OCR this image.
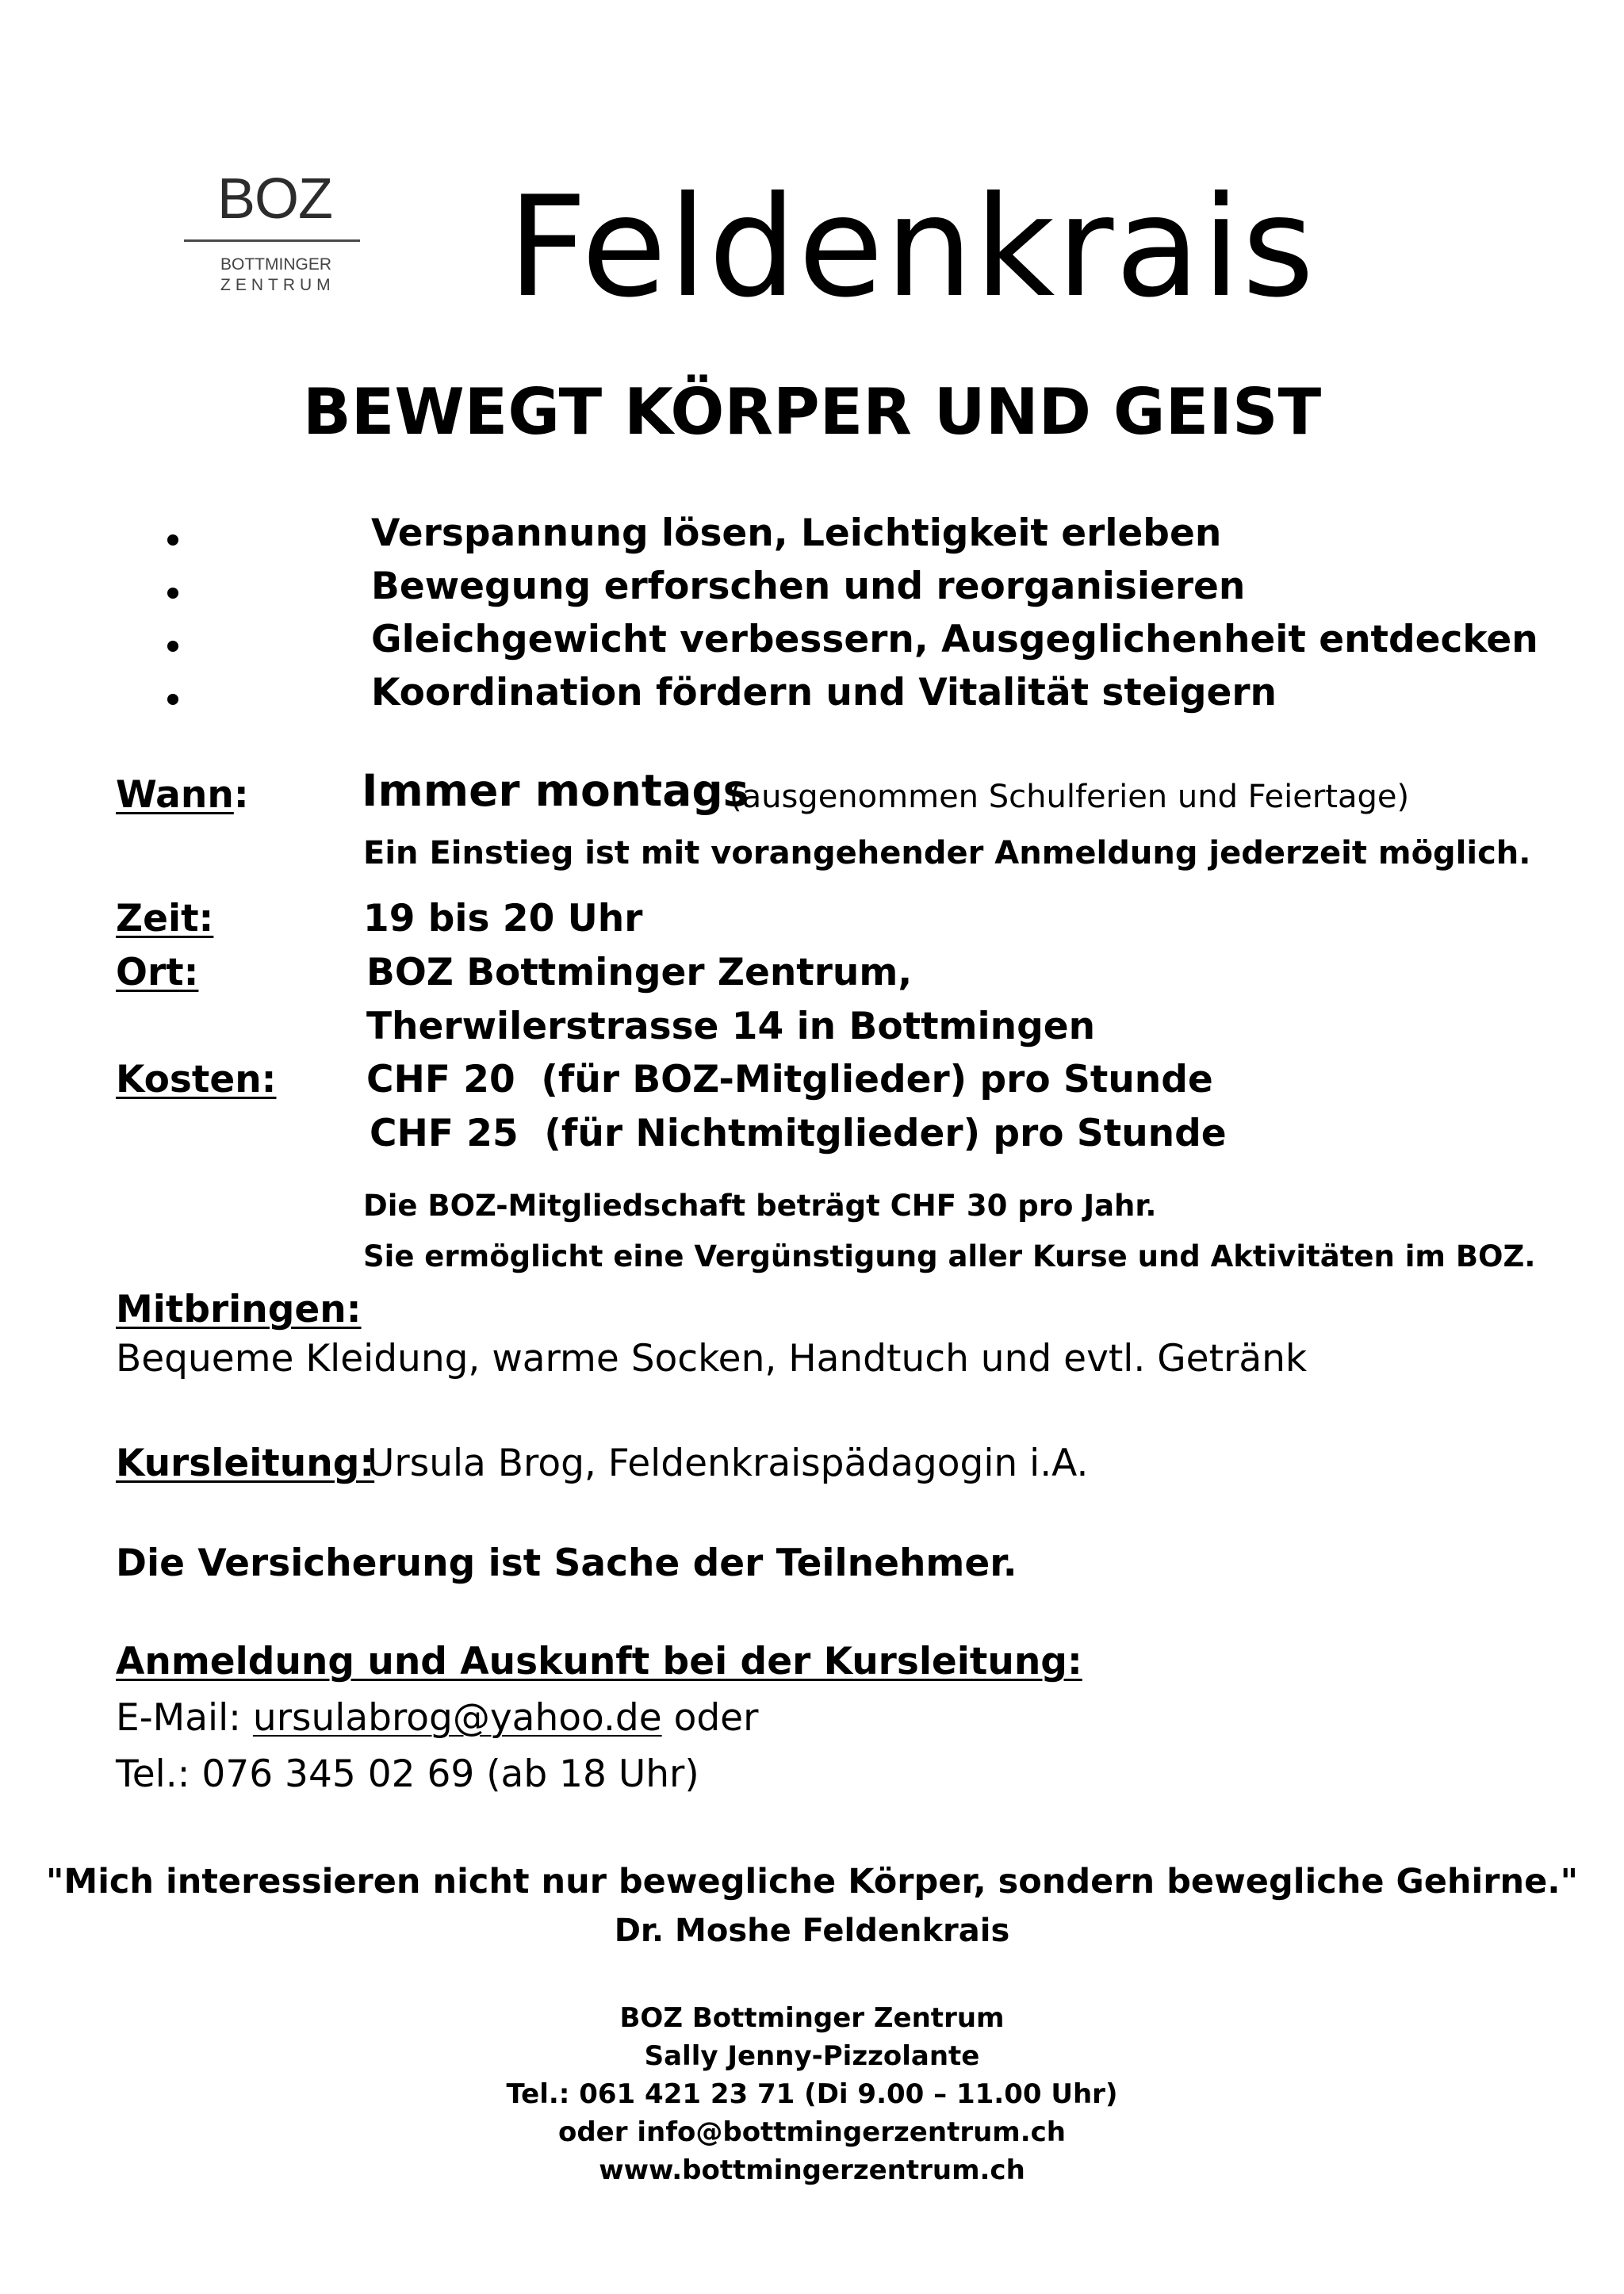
BOZ
BOTTMINGER
ZENTRUM Feldenkrais
BEWEGT KÖRPER UND GEIST
Verspannung lösen, Leichtigkeit erleben
Bewegung erforschen und reorganisieren
Gleichgewicht verbessern, Ausgeglichenheit entdecken
Koordination fördern und Vitalität steigern
Wann:	Immer montags
(ausgenommen Schulferien und Feiertage)
Ein Einstieg ist mit vorangehender Anmeldung jederzeit möglich.
Zeit:	19 bis 20 Uhr
Ort:	BOZ Bottminger Zentrum,
Therwilerstrasse 14 in Bottmingen
Kosten: CHF 20  (für BOZ-Mitglieder) pro Stunde
CHF 25  (für Nichtmitglieder) pro Stunde
Die BOZ-Mitgliedschaft beträgt CHF 30 pro Jahr.
Sie ermöglicht eine Vergünstigung aller Kurse und Aktivitäten im BOZ.
Mitbringen:
Bequeme Kleidung, warme Socken, Handtuch und evtl. Getränk
Kursleitung:
Ursula Brog, Feldenkraispädagogin i.A.
Die Versicherung ist Sache der Teilnehmer.
Anmeldung und Auskunft bei der Kursleitung:
E-Mail: ursulabrog@yahoo.de oder
Tel.: 076 345 02 69 (ab 18 Uhr)
"Mich interessieren nicht nur bewegliche Körper, sondern bewegliche Gehirne."
Dr. Moshe Feldenkrais
BOZ Bottminger Zentrum
Sally Jenny-Pizzolante
Tel.: 061 421 23 71 (Di 9.00 – 11.00 Uhr)
oder info@bottmingerzentrum.ch
www.bottmingerzentrum.ch
